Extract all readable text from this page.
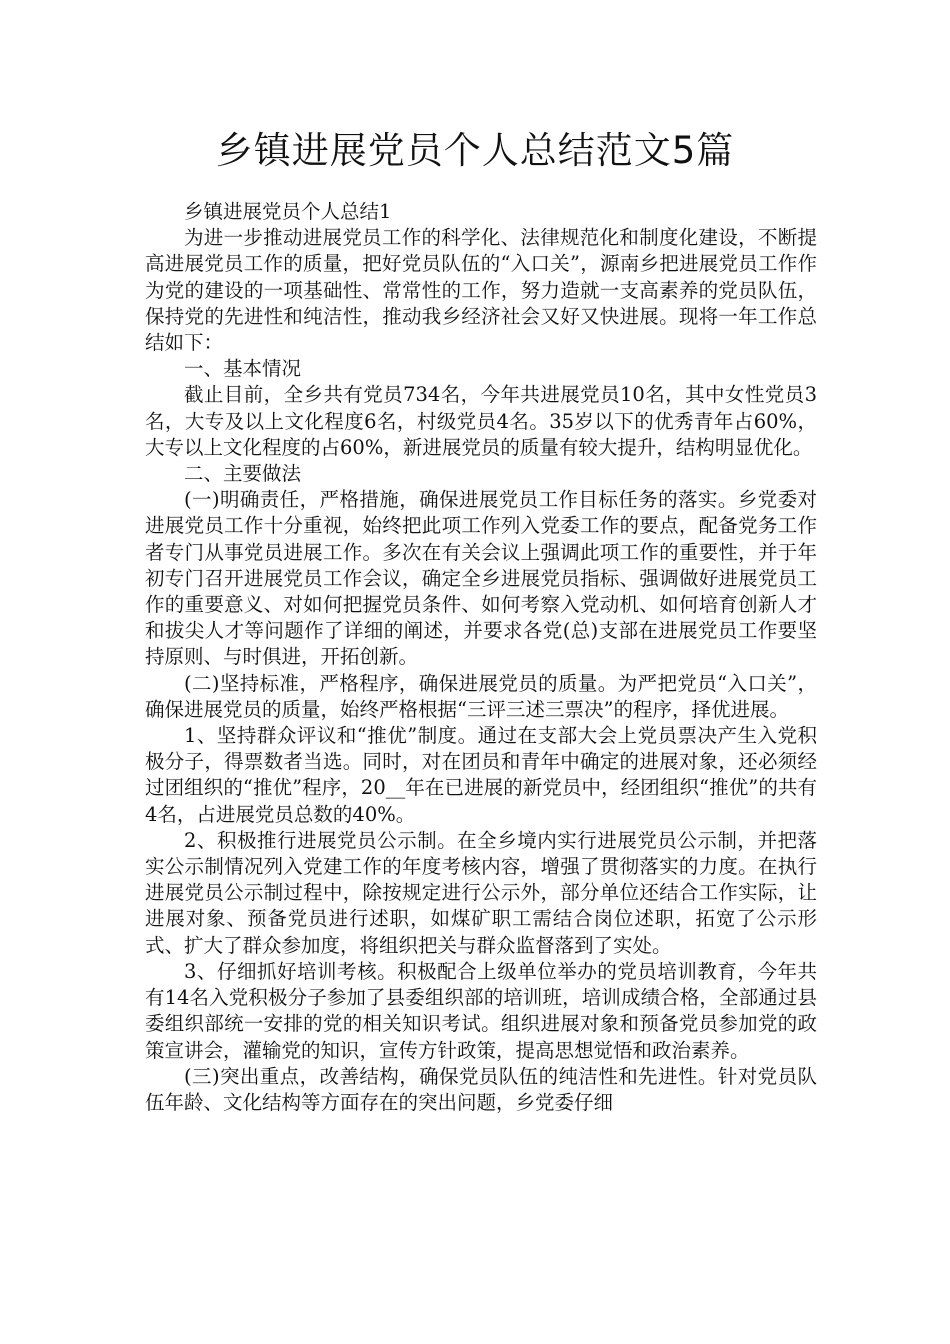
乡镇进展党员个人总结范文5篇

乡镇进展党员个人总结1

为进一步推动进展党员工作的科学化、法律规范化和制度化建设，不断提高进展党员工作的质量，把好党员队伍的“入口关”，源南乡把进展党员工作作为党的建设的一项基础性、常常性的工作，努力造就一支高素养的党员队伍，保持党的先进性和纯洁性，推动我乡经济社会又好又快进展。现将一年工作总结如下：

一、基本情况

截止目前，全乡共有党员734名，今年共进展党员10名，其中女性党员3名，大专及以上文化程度6名，村级党员4名。35岁以下的优秀青年占60%，大专以上文化程度的占60%，新进展党员的质量有较大提升，结构明显优化。

二、主要做法

(一)明确责任，严格措施，确保进展党员工作目标任务的落实。乡党委对进展党员工作十分重视，始终把此项工作列入党委工作的要点，配备党务工作者专门从事党员进展工作。多次在有关会议上强调此项工作的重要性，并于年初专门召开进展党员工作会议，确定全乡进展党员指标、强调做好进展党员工作的重要意义、对如何把握党员条件、如何考察入党动机、如何培育创新人才和拔尖人才等问题作了详细的阐述，并要求各党(总)支部在进展党员工作要坚持原则、与时俱进，开拓创新。

(二)坚持标准，严格程序，确保进展党员的质量。为严把党员“入口关”，确保进展党员的质量，始终严格根据“三评三述三票决”的程序，择优进展。

1、坚持群众评议和“推优”制度。通过在支部大会上党员票决产生入党积极分子，得票数者当选。同时，对在团员和青年中确定的进展对象，还必须经过团组织的“推优”程序，20__年在已进展的新党员中，经团组织“推优”的共有4名，占进展党员总数的40%。

2、积极推行进展党员公示制。在全乡境内实行进展党员公示制，并把落实公示制情况列入党建工作的年度考核内容，增强了贯彻落实的力度。在执行进展党员公示制过程中，除按规定进行公示外，部分单位还结合工作实际，让进展对象、预备党员进行述职，如煤矿职工需结合岗位述职，拓宽了公示形式、扩大了群众参加度，将组织把关与群众监督落到了实处。

3、仔细抓好培训考核。积极配合上级单位举办的党员培训教育，今年共有14名入党积极分子参加了县委组织部的培训班，培训成绩合格，全部通过县委组织部统一安排的党的相关知识考试。组织进展对象和预备党员参加党的政策宣讲会，灌输党的知识，宣传方针政策，提高思想觉悟和政治素养。

(三)突出重点，改善结构，确保党员队伍的纯洁性和先进性。针对党员队伍年龄、文化结构等方面存在的突出问题，乡党委仔细
